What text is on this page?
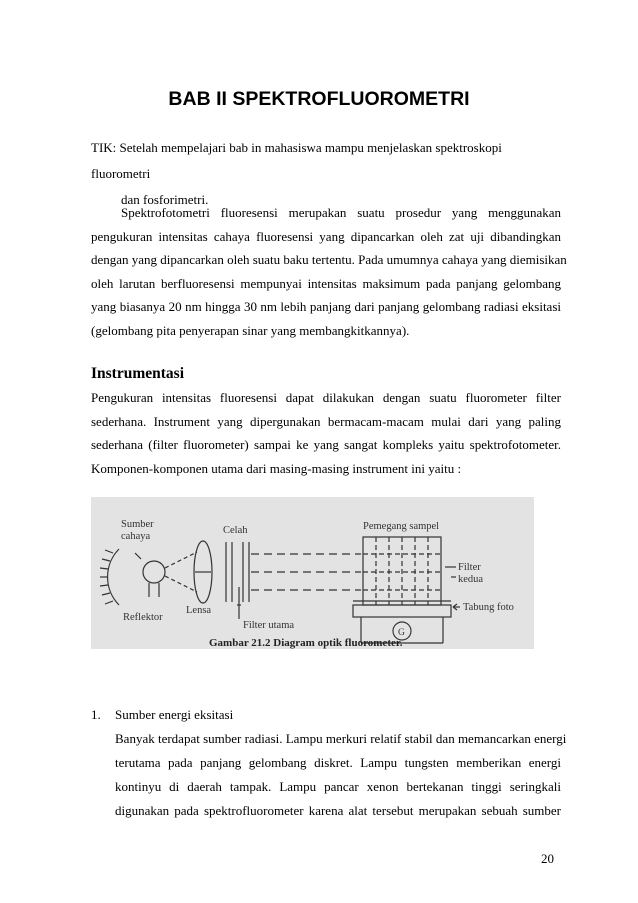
BAB II SPEKTROFLUOROMETRI
TIK: Setelah mempelajari bab in mahasiswa mampu menjelaskan spektroskopi fluorometri
dan fosforimetri.
Spektrofotometri fluoresensi merupakan suatu prosedur yang menggunakan
pengukuran intensitas cahaya fluoresensi yang dipancarkan oleh zat uji dibandingkan
dengan yang dipancarkan oleh suatu baku tertentu. Pada umumnya cahaya yang diemisikan
oleh larutan berfluoresensi mempunyai intensitas maksimum pada panjang gelombang
yang biasanya 20 nm hingga 30 nm lebih panjang dari panjang gelombang radiasi eksitasi
(gelombang pita penyerapan sinar yang membangkitkannya).
Instrumentasi
Pengukuran intensitas fluoresensi dapat dilakukan dengan suatu fluorometer filter
sederhana. Instrument yang dipergunakan bermacam-macam mulai dari yang paling
sederhana (filter fluorometer) sampai ke yang sangat kompleks yaitu spektrofotometer.
Komponen-komponen utama dari masing-masing instrument ini yaitu :
Sumber
cahaya
Celah	Pemegang sampel
Filter
kedua
Lensa
Reflektor
Filter utama
Tabung foto
G
Gambar 21.2 Diagram optik fluorometer.
1. Sumber energi eksitasi
Banyak terdapat sumber radiasi. Lampu merkuri relatif stabil dan memancarkan energi
terutama pada panjang gelombang diskret. Lampu tungsten memberikan energi
kontinyu di daerah tampak. Lampu pancar xenon bertekanan tinggi seringkali
digunakan pada spektrofluorometer karena alat tersebut merupakan sebuah sumber
20
